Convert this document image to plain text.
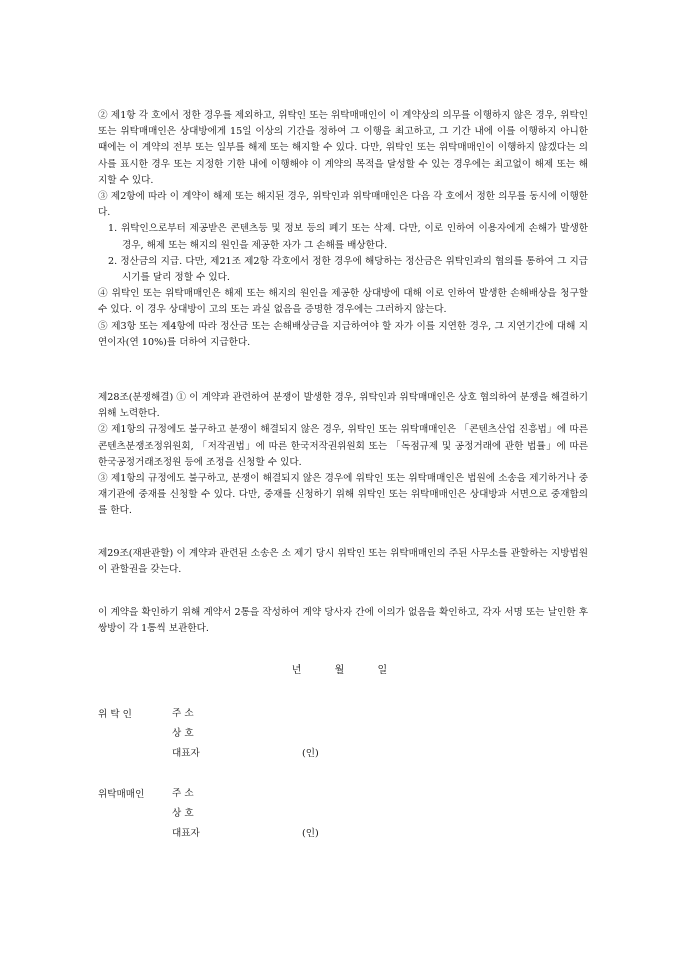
② 제1항 각 호에서 정한 경우를 제외하고, 위탁인 또는 위탁매매인이 이 계약상의 의무를 이행하지 않은 경우, 위탁인 또는 위탁매매인은 상대방에게 15일 이상의 기간을 정하여 그 이행을 최고하고, 그 기간 내에 이를 이행하지 아니한 때에는 이 계약의 전부 또는 일부를 해제 또는 해지할 수 있다. 다만, 위탁인 또는 위탁매매인이 이행하지 않겠다는 의사를 표시한 경우 또는 지정한 기한 내에 이행해야 이 계약의 목적을 달성할 수 있는 경우에는 최고없이 해제 또는 해지할 수 있다.

③ 제2항에 따라 이 계약이 해제 또는 해지된 경우, 위탁인과 위탁매매인은 다음 각 호에서 정한 의무를 동시에 이행한다.

1. 위탁인으로부터 제공받은 콘텐츠등 및 정보 등의 폐기 또는 삭제. 다만, 이로 인하여 이용자에게 손해가 발생한 경우, 해제 또는 해지의 원인을 제공한 자가 그 손해를 배상한다.
2. 정산금의 지급. 다만, 제21조 제2항 각호에서 정한 경우에 해당하는 정산금은 위탁인과의 협의를 통하여 그 지급시기를 달리 정할 수 있다.

④ 위탁인 또는 위탁매매인은 해제 또는 해지의 원인을 제공한 상대방에 대해 이로 인하여 발생한 손해배상을 청구할 수 있다. 이 경우 상대방이 고의 또는 과실 없음을 증명한 경우에는 그러하지 않는다.

⑤ 제3항 또는 제4항에 따라 정산금 또는 손해배상금을 지급하여야 할 자가 이를 지연한 경우, 그 지연기간에 대해 지연이자(연 10%)를 더하여 지급한다.

제28조(분쟁해결) ① 이 계약과 관련하여 분쟁이 발생한 경우, 위탁인과 위탁매매인은 상호 협의하여 분쟁을 해결하기 위해 노력한다.

② 제1항의 규정에도 불구하고 분쟁이 해결되지 않은 경우, 위탁인 또는 위탁매매인은 「콘텐츠산업 진흥법」에 따른 콘텐츠분쟁조정위원회, 「저작권법」에 따른 한국저작권위원회 또는 「독점규제 및 공정거래에 관한 법률」에 따른 한국공정거래조정원 등에 조정을 신청할 수 있다.

③ 제1항의 규정에도 불구하고, 분쟁이 해결되지 않은 경우에 위탁인 또는 위탁매매인은 법원에 소송을 제기하거나 중재기관에 중재를 신청할 수 있다. 다만, 중재를 신청하기 위해 위탁인 또는 위탁매매인은 상대방과 서면으로 중재합의를 한다.

제29조(재판관할) 이 계약과 관련된 소송은 소 제기 당시 위탁인 또는 위탁매매인의 주된 사무소를 관할하는 지방법원이 관할권을 갖는다.

이 계약을 확인하기 위해 계약서 2통을 작성하여 계약 당사자 간에 이의가 없음을 확인하고, 각자 서명 또는 날인한 후 쌍방이 각 1통씩 보관한다.

년	월	일
위 탁 인	주 소
상 호
대표자	(인)
위탁매매인	주 소
상 호
대표자	(인)
